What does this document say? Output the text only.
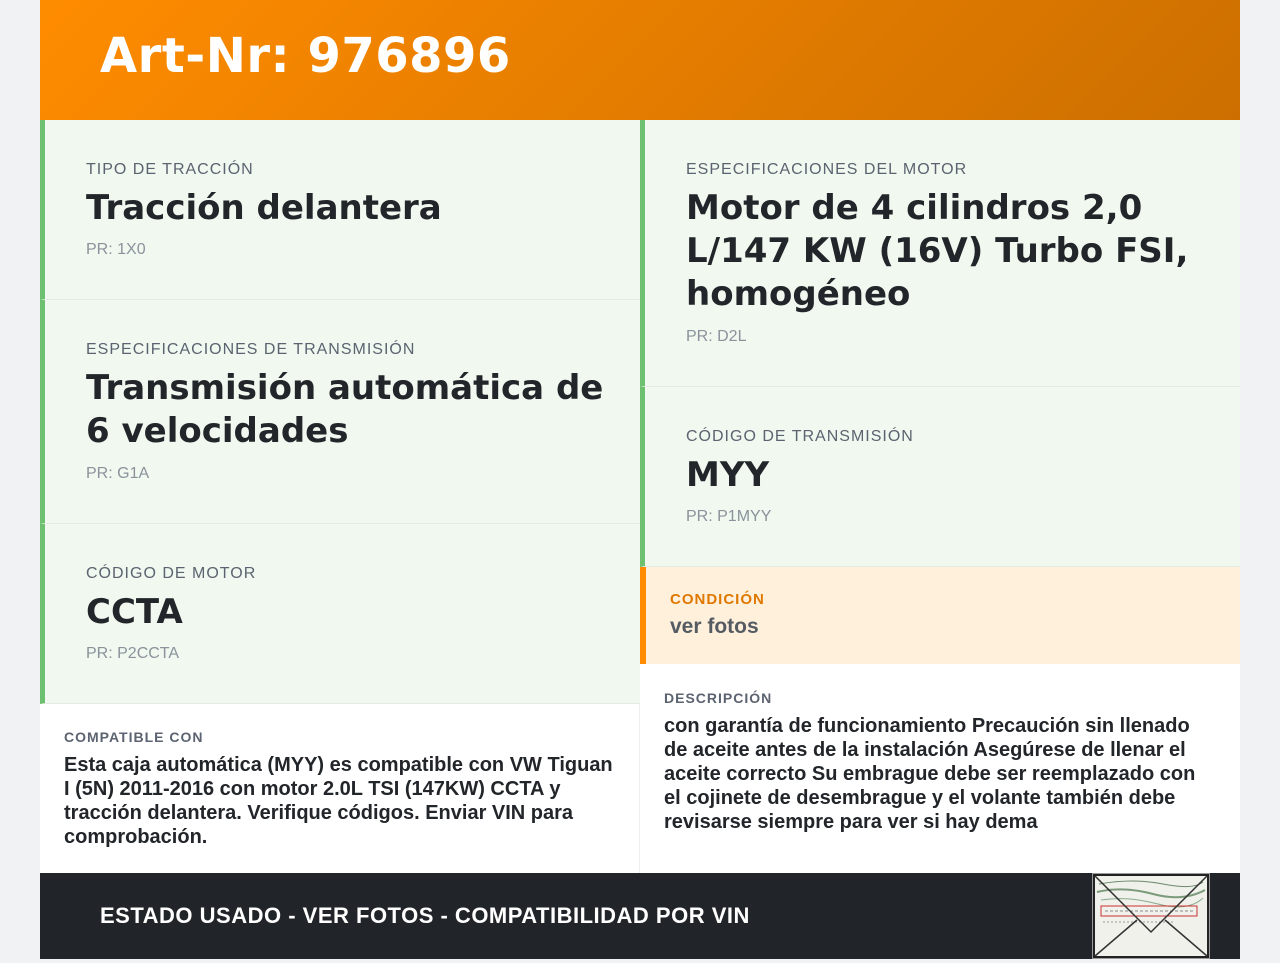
Art-Nr: 976896
TIPO DE TRACCIÓN
Tracción delantera
PR: 1X0
ESPECIFICACIONES DE TRANSMISIÓN
Transmisión automática de 6 velocidades
PR: G1A
CÓDIGO DE MOTOR
CCTA
PR: P2CCTA
ESPECIFICACIONES DEL MOTOR
Motor de 4 cilindros 2,0 L/147 KW (16V) Turbo FSI, homogéneo
PR: D2L
CÓDIGO DE TRANSMISIÓN
MYY
PR: P1MYY
CONDICIÓN
ver fotos
COMPATIBLE CON
Esta caja automática (MYY) es compatible con VW Tiguan I (5N) 2011-2016 con motor 2.0L TSI (147KW) CCTA y tracción delantera. Verifique códigos. Enviar VIN para comprobación.
DESCRIPCIÓN
con garantía de funcionamiento Precaución sin llenado de aceite antes de la instalación Asegúrese de llenar el aceite correcto Su embrague debe ser reemplazado con el cojinete de desembrague y el volante también debe revisarse siempre para ver si hay dema
ESTADO USADO - VER FOTOS - COMPATIBILIDAD POR VIN
